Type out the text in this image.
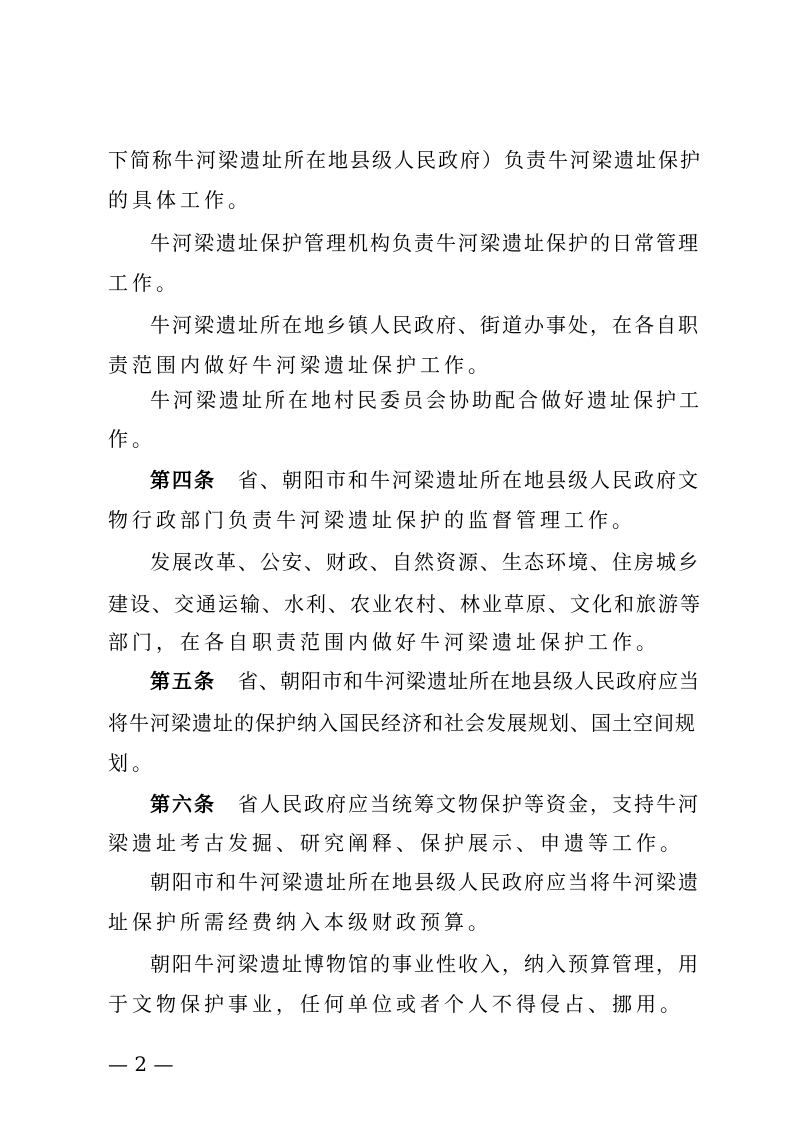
下简称牛河梁遗址所在地县级人民政府）负责牛河梁遗址保护
的具体工作。
牛河梁遗址保护管理机构负责牛河梁遗址保护的日常管理
工作。
牛河梁遗址所在地乡镇人民政府、街道办事处，在各自职
责范围内做好牛河梁遗址保护工作。
牛河梁遗址所在地村民委员会协助配合做好遗址保护工
作。
第四条 省、朝阳市和牛河梁遗址所在地县级人民政府文
物行政部门负责牛河梁遗址保护的监督管理工作。
发展改革、公安、财政、自然资源、生态环境、住房城乡
建设、交通运输、水利、农业农村、林业草原、文化和旅游等
部门，在各自职责范围内做好牛河梁遗址保护工作。
第五条 省、朝阳市和牛河梁遗址所在地县级人民政府应当
将牛河梁遗址的保护纳入国民经济和社会发展规划、国土空间规
划。
第六条 省人民政府应当统筹文物保护等资金，支持牛河
梁遗址考古发掘、研究阐释、保护展示、申遗等工作。
朝阳市和牛河梁遗址所在地县级人民政府应当将牛河梁遗
址保护所需经费纳入本级财政预算。
朝阳牛河梁遗址博物馆的事业性收入，纳入预算管理，用
于文物保护事业，任何单位或者个人不得侵占、挪用。
— 2 —
